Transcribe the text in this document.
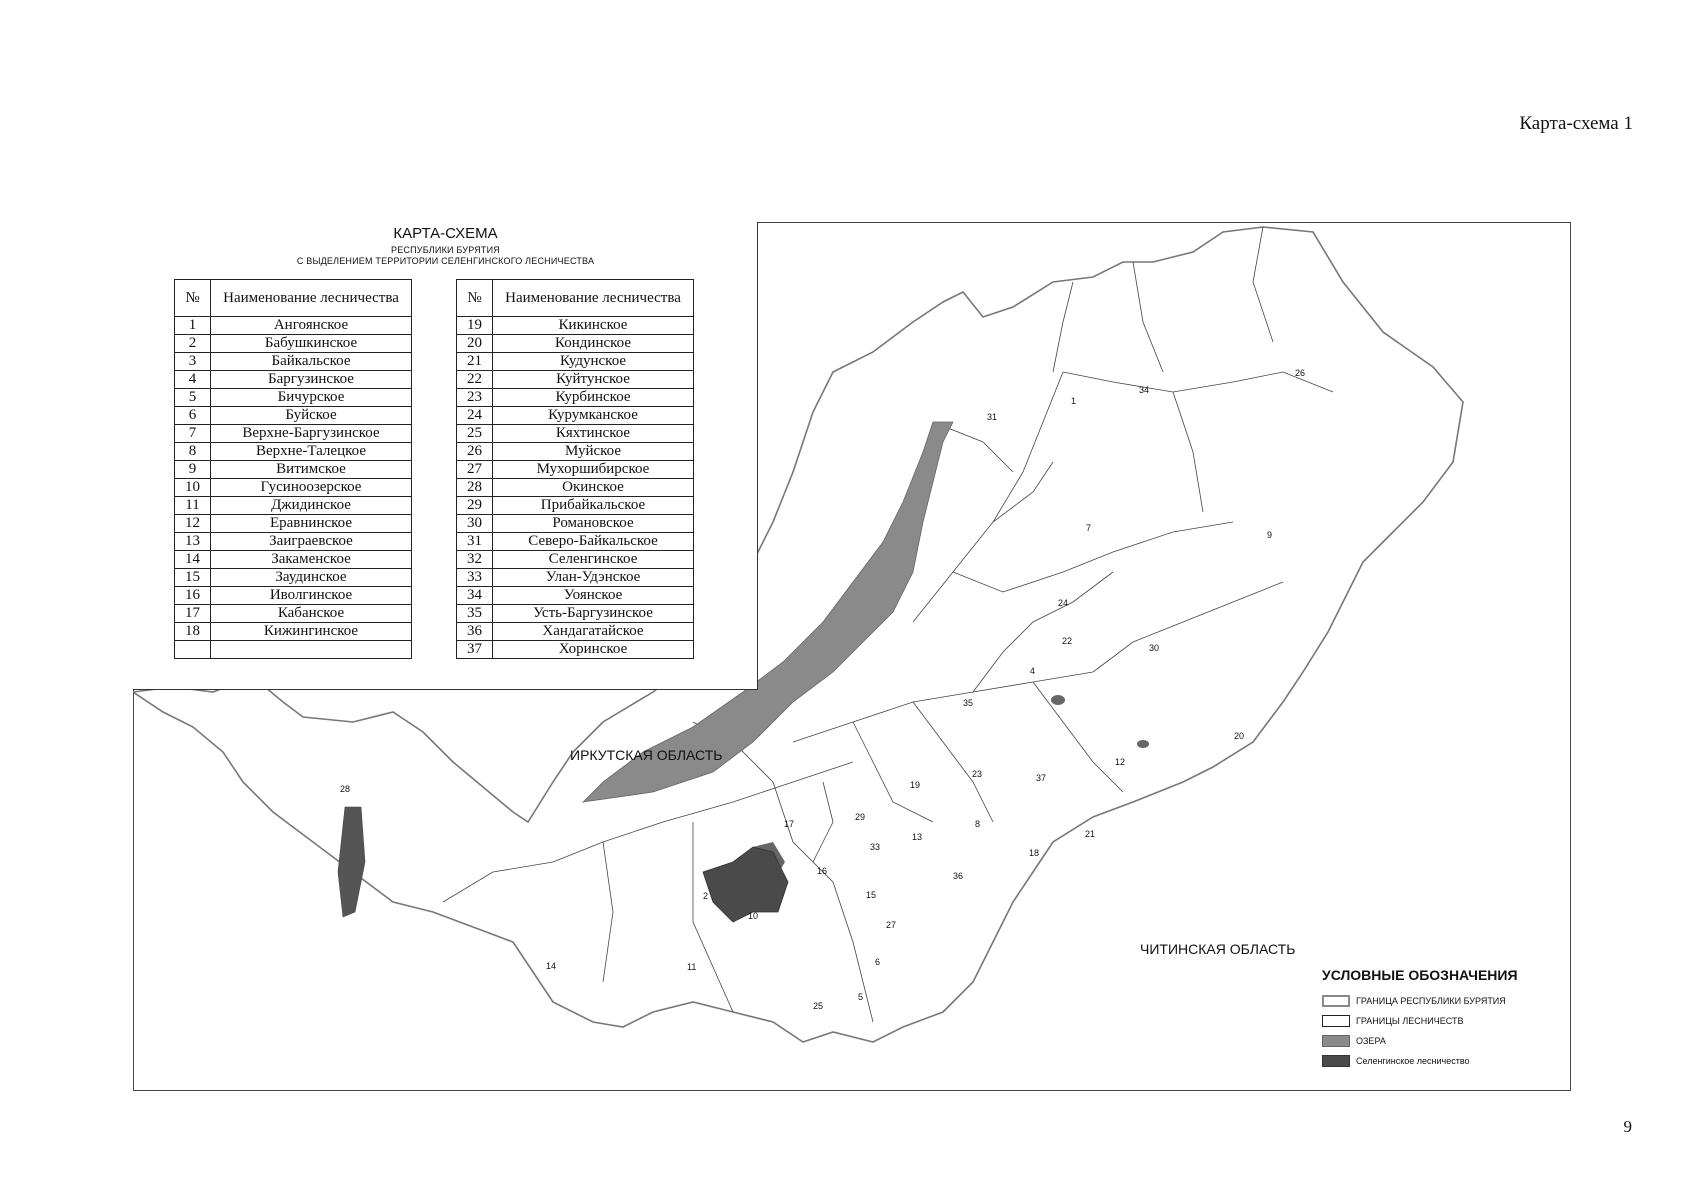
Карта-схема 1
1
2
4
5
6
7
8
9
10
11
12
13
14
15
16
17
18
19
20
21
22
23
24
25
26
27
28
29
30
31
33
34
35
36
37
КАРТА-СХЕМА
РЕСПУБЛИКИ БУРЯТИЯ
С ВЫДЕЛЕНИЕМ ТЕРРИТОРИИ СЕЛЕНГИНСКОГО ЛЕСНИЧЕСТВА
№	Наименование лесничества
1	Ангоянское
2	Бабушкинское
3	Байкальское
4	Баргузинское
5	Бичурское
6	Буйское
7	Верхне-Баргузинское
8	Верхне-Талецкое
9	Витимское
10	Гусиноозерское
11	Джидинское
12	Еравнинское
13	Заиграевское
14	Закаменское
15	Заудинское
16	Иволгинское
17	Кабанское
18	Кижингинское

№	Наименование лесничества
19	Кикинское
20	Кондинское
21	Кудунское
22	Куйтунское
23	Курбинское
24	Курумканское
25	Кяхтинское
26	Муйское
27	Мухоршибирское
28	Окинское
29	Прибайкальское
30	Романовское
31	Северо-Байкальское
32	Селенгинское
33	Улан-Удэнское
34	Уоянское
35	Усть-Баргузинское
36	Хандагатайское
37	Хоринское
ИРКУТСКАЯ ОБЛАСТЬ
ЧИТИНСКАЯ ОБЛАСТЬ
УСЛОВНЫЕ ОБОЗНАЧЕНИЯ
ГРАНИЦА РЕСПУБЛИКИ БУРЯТИЯ
ГРАНИЦЫ ЛЕСНИЧЕСТВ
ОЗЕРА
Селенгинское лесничество
9
